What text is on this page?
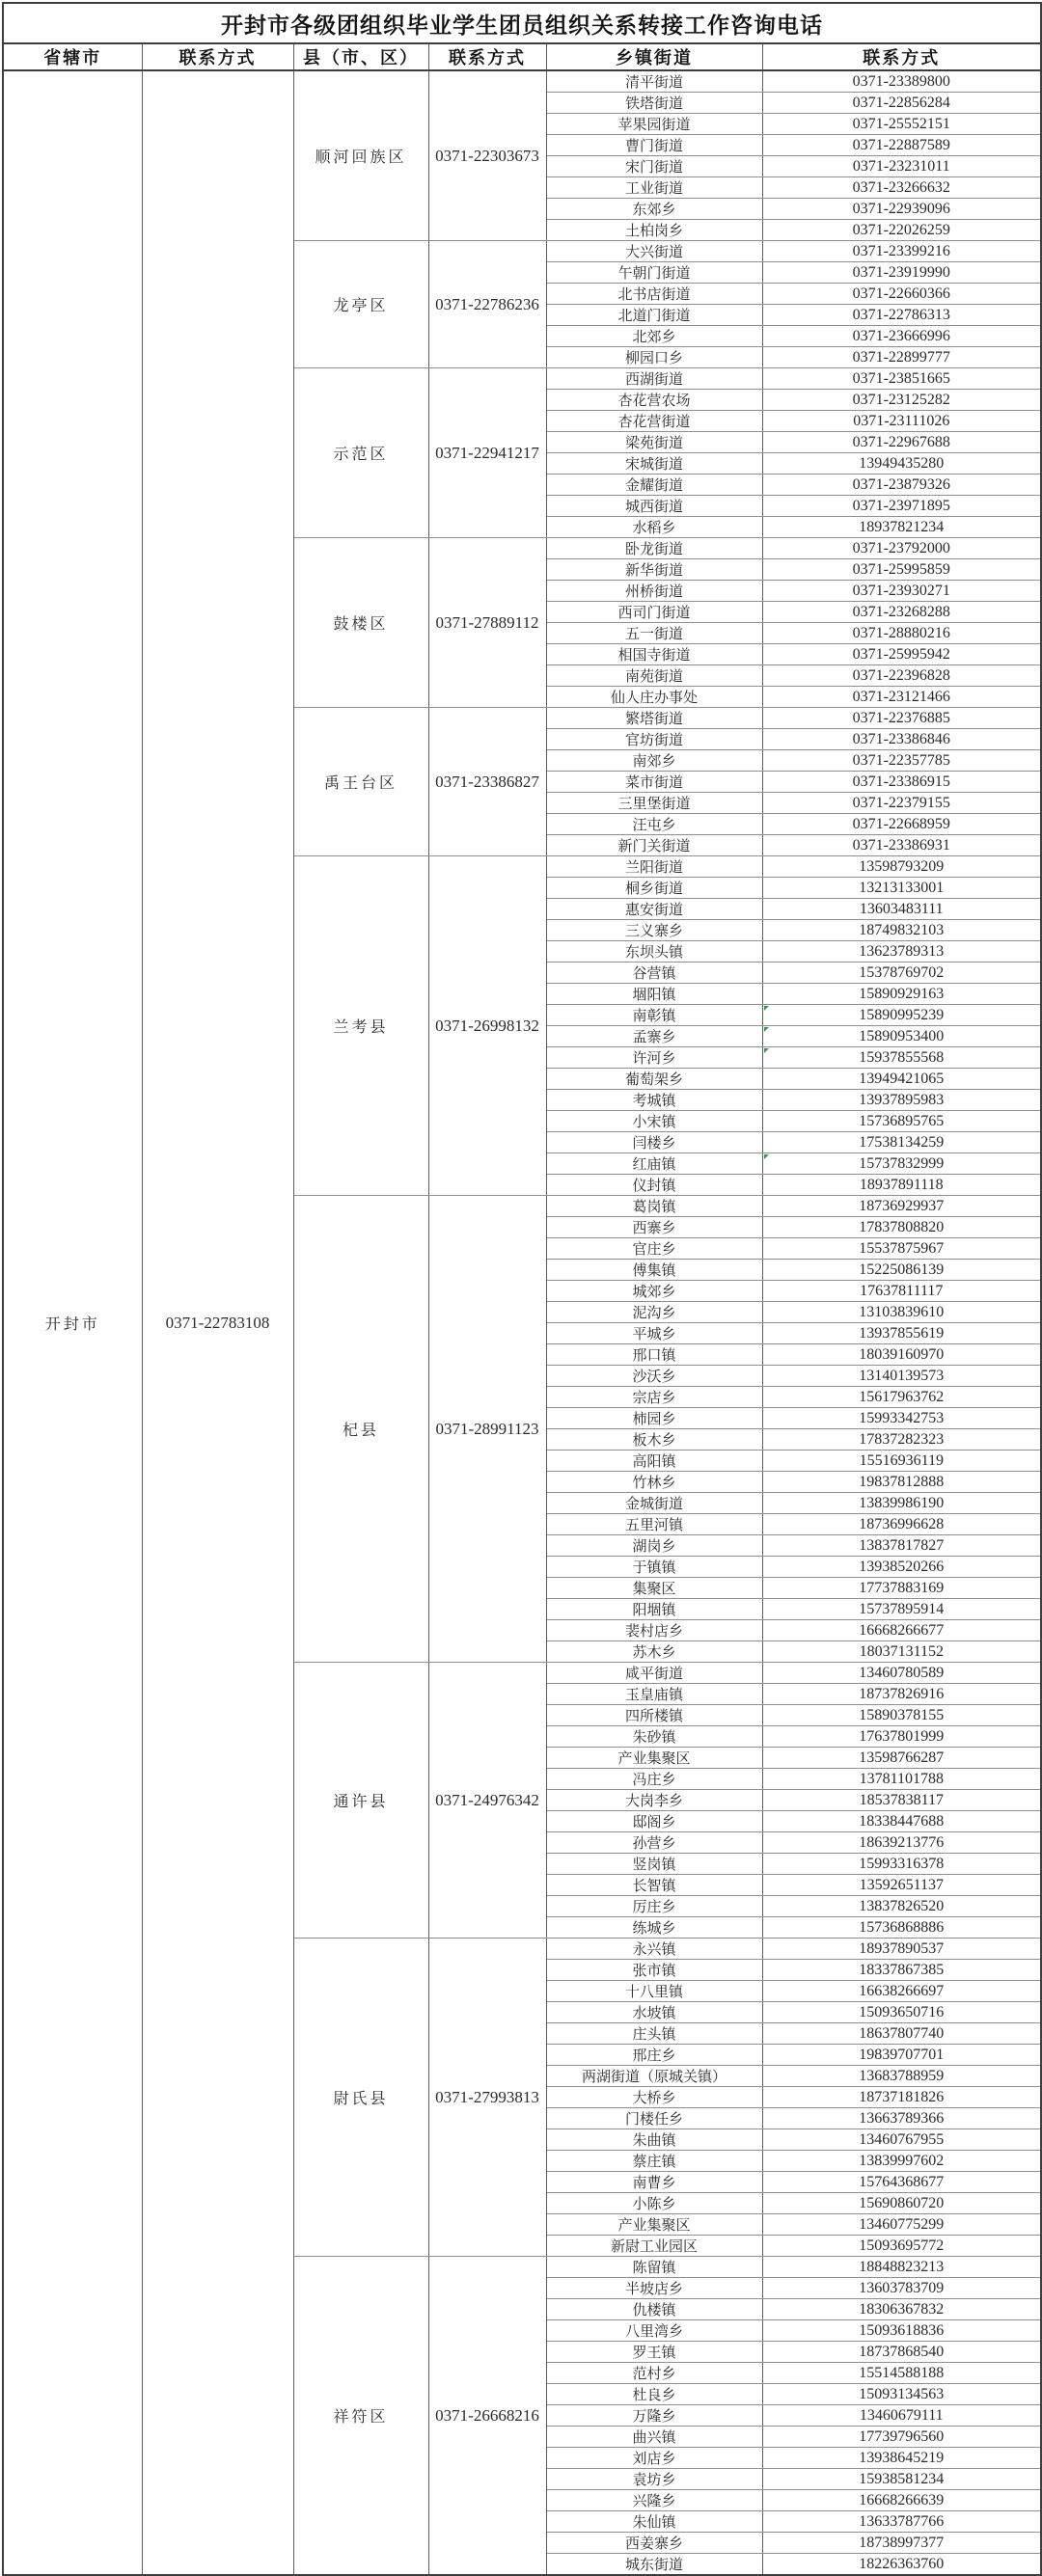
开封市各级团组织毕业学生团员组织关系转接工作咨询电话					
省辖市	联系方式	县（市、区）	联系方式	乡镇街道	联系方式
开封市	0371-22783108	顺河回族区	0371-22303673	清平街道	0371-23389800
				铁塔街道	0371-22856284
				苹果园街道	0371-25552151
				曹门街道	0371-22887589
				宋门街道	0371-23231011
				工业街道	0371-23266632
				东郊乡	0371-22939096
				土柏岗乡	0371-22026259
		龙亭区	0371-22786236	大兴街道	0371-23399216
				午朝门街道	0371-23919990
				北书店街道	0371-22660366
				北道门街道	0371-22786313
				北郊乡	0371-23666996
				柳园口乡	0371-22899777
		示范区	0371-22941217	西湖街道	0371-23851665
				杏花营农场	0371-23125282
				杏花营街道	0371-23111026
				梁苑街道	0371-22967688
				宋城街道	13949435280
				金耀街道	0371-23879326
				城西街道	0371-23971895
				水稻乡	18937821234
		鼓楼区	0371-27889112	卧龙街道	0371-23792000
				新华街道	0371-25995859
				州桥街道	0371-23930271
				西司门街道	0371-23268288
				五一街道	0371-28880216
				相国寺街道	0371-25995942
				南苑街道	0371-22396828
				仙人庄办事处	0371-23121466
		禹王台区	0371-23386827	繁塔街道	0371-22376885
				官坊街道	0371-23386846
				南郊乡	0371-22357785
				菜市街道	0371-23386915
				三里堡街道	0371-22379155
				汪屯乡	0371-22668959
				新门关街道	0371-23386931
		兰考县	0371-26998132	兰阳街道	13598793209
				桐乡街道	13213133001
				惠安街道	13603483111
				三义寨乡	18749832103
				东坝头镇	13623789313
				谷营镇	15378769702
				堌阳镇	15890929163
				南彰镇	15890995239

				孟寨乡	15890953400

				许河乡	15937855568

				葡萄架乡	13949421065
				考城镇	13937895983
				小宋镇	15736895765
				闫楼乡	17538134259
				红庙镇	15737832999

				仪封镇	18937891118
		杞县	0371-28991123	葛岗镇	18736929937
				西寨乡	17837808820
				官庄乡	15537875967
				傅集镇	15225086139
				城郊乡	17637811117
				泥沟乡	13103839610
				平城乡	13937855619
				邢口镇	18039160970
				沙沃乡	13140139573
				宗店乡	15617963762
				柿园乡	15993342753
				板木乡	17837282323
				高阳镇	15516936119
				竹林乡	19837812888
				金城街道	13839986190
				五里河镇	18736996628
				湖岗乡	13837817827
				于镇镇	13938520266
				集聚区	17737883169
				阳堌镇	15737895914
				裴村店乡	16668266677
				苏木乡	18037131152
		通许县	0371-24976342	咸平街道	13460780589
				玉皇庙镇	18737826916
				四所楼镇	15890378155
				朱砂镇	17637801999
				产业集聚区	13598766287
				冯庄乡	13781101788
				大岗李乡	18537838117
				邸阁乡	18338447688
				孙营乡	18639213776
				竖岗镇	15993316378
				长智镇	13592651137
				厉庄乡	13837826520
				练城乡	15736868886
		尉氏县	0371-27993813	永兴镇	18937890537
				张市镇	18337867385
				十八里镇	16638266697
				水坡镇	15093650716
				庄头镇	18637807740
				邢庄乡	19839707701
				两湖街道（原城关镇）	13683788959
				大桥乡	18737181826
				门楼任乡	13663789366
				朱曲镇	13460767955
				蔡庄镇	13839997602
				南曹乡	15764368677
				小陈乡	15690860720
				产业集聚区	13460775299
				新尉工业园区	15093695772
		祥符区	0371-26668216	陈留镇	18848823213
				半坡店乡	13603783709
				仇楼镇	18306367832
				八里湾乡	15093618836
				罗王镇	18737868540
				范村乡	15514588188
				杜良乡	15093134563
				万隆乡	13460679111
				曲兴镇	17739796560
				刘店乡	13938645219
				袁坊乡	15938581234
				兴隆乡	16668266639
				朱仙镇	13633787766
				西姜寨乡	18738997377
				城东街道	18226363760
